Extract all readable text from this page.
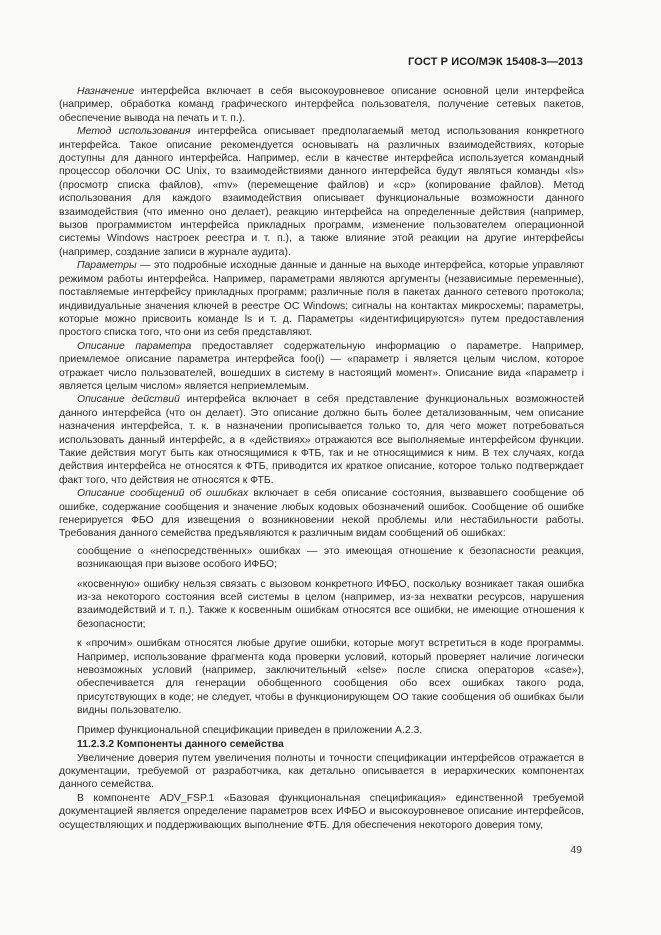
ГОСТ Р ИСО/МЭК 15408-3—2013

Назначение интерфейса включает в себя высокоуровневое описание основной цели интерфейса (например, обработка команд графического интерфейса пользователя, получение сетевых пакетов, обеспечение вывода на печать и т. п.).

Метод использования интерфейса описывает предполагаемый метод использования конкретного интерфейса. Такое описание рекомендуется основывать на различных взаимодействиях, которые доступны для данного интерфейса. Например, если в качестве интерфейса используется командный процессор оболочки ОС Unix, то взаимодействиями данного интерфейса будут являться команды «ls» (просмотр списка файлов), «mv» (перемещение файлов) и «cp» (копирование файлов). Метод использования для каждого взаимодействия описывает функциональные возможности данного взаимодействия (что именно оно делает), реакцию интерфейса на определенные действия (например, вызов программистом интерфейса прикладных программ, изменение пользователем операционной системы Windows настроек реестра и т. п.), а также влияние этой реакции на другие интерфейсы (например, создание записи в журнале аудита).

Параметры — это подробные исходные данные и данные на выходе интерфейса, которые управляют режимом работы интерфейса. Например, параметрами являются аргументы (независимые переменные), поставляемые интерфейсу прикладных программ; различные поля в пакетах данного сетевого протокола; индивидуальные значения ключей в реестре ОС Windows; сигналы на контактах микросхемы; параметры, которые можно присвоить команде ls и т. д. Параметры «идентифицируются» путем предоставления простого списка того, что они из себя представляют.

Описание параметра предоставляет содержательную информацию о параметре. Например, приемлемое описание параметра интерфейса foo(i) — «параметр i является целым числом, которое отражает число пользователей, вошедших в систему в настоящий момент». Описание вида «параметр i является целым числом» является неприемлемым.

Описание действий интерфейса включает в себя представление функциональных возможностей данного интерфейса (что он делает). Это описание должно быть более детализованным, чем описание назначения интерфейса, т. к. в назначении прописывается только то, для чего может потребоваться использовать данный интерфейс, а в «действиях» отражаются все выполняемые интерфейсом функции. Такие действия могут быть как относящимися к ФТБ, так и не относящимися к ним. В тех случаях, когда действия интерфейса не относятся к ФТБ, приводится их краткое описание, которое только подтверждает факт того, что действия не относятся к ФТБ.

Описание сообщений об ошибках включает в себя описание состояния, вызвавшего сообщение об ошибке, содержание сообщения и значение любых кодовых обозначений ошибок. Сообщение об ошибке генерируется ФБО для извещения о возникновении некой проблемы или нестабильности работы. Требования данного семейства предъявляются к различным видам сообщений об ошибках:

сообщение о «непосредственных» ошибках — это имеющая отношение к безопасности реакция, возникающая при вызове особого ИФБО;

«косвенную» ошибку нельзя связать с вызовом конкретного ИФБО, поскольку возникает такая ошибка из-за некоторого состояния всей системы в целом (например, из-за нехватки ресурсов, нарушения взаимодействий и т. п.). Также к косвенным ошибкам относятся все ошибки, не имеющие отношения к безопасности;

к «прочим» ошибкам относятся любые другие ошибки, которые могут встретиться в коде программы. Например, использование фрагмента кода проверки условий, который проверяет наличие логически невозможных условий (например, заключительный «else» после списка операторов «case»), обеспечивается для генерации обобщенного сообщения обо всех ошибках такого рода, присутствующих в коде; не следует, чтобы в функционирующем ОО такие сообщения об ошибках были видны пользователю.

Пример функциональной спецификации приведен в приложении А.2.3.

11.2.3.2 Компоненты данного семейства

Увеличение доверия путем увеличения полноты и точности спецификации интерфейсов отражается в документации, требуемой от разработчика, как детально описывается в иерархических компонентах данного семейства.

В компоненте ADV_FSP.1 «Базовая функциональная спецификация» единственной требуемой документацией является определение параметров всех ИФБО и высокоуровневое описание интерфейсов, осуществляющих и поддерживающих выполнение ФТБ. Для обеспечения некоторого доверия тому,

49
